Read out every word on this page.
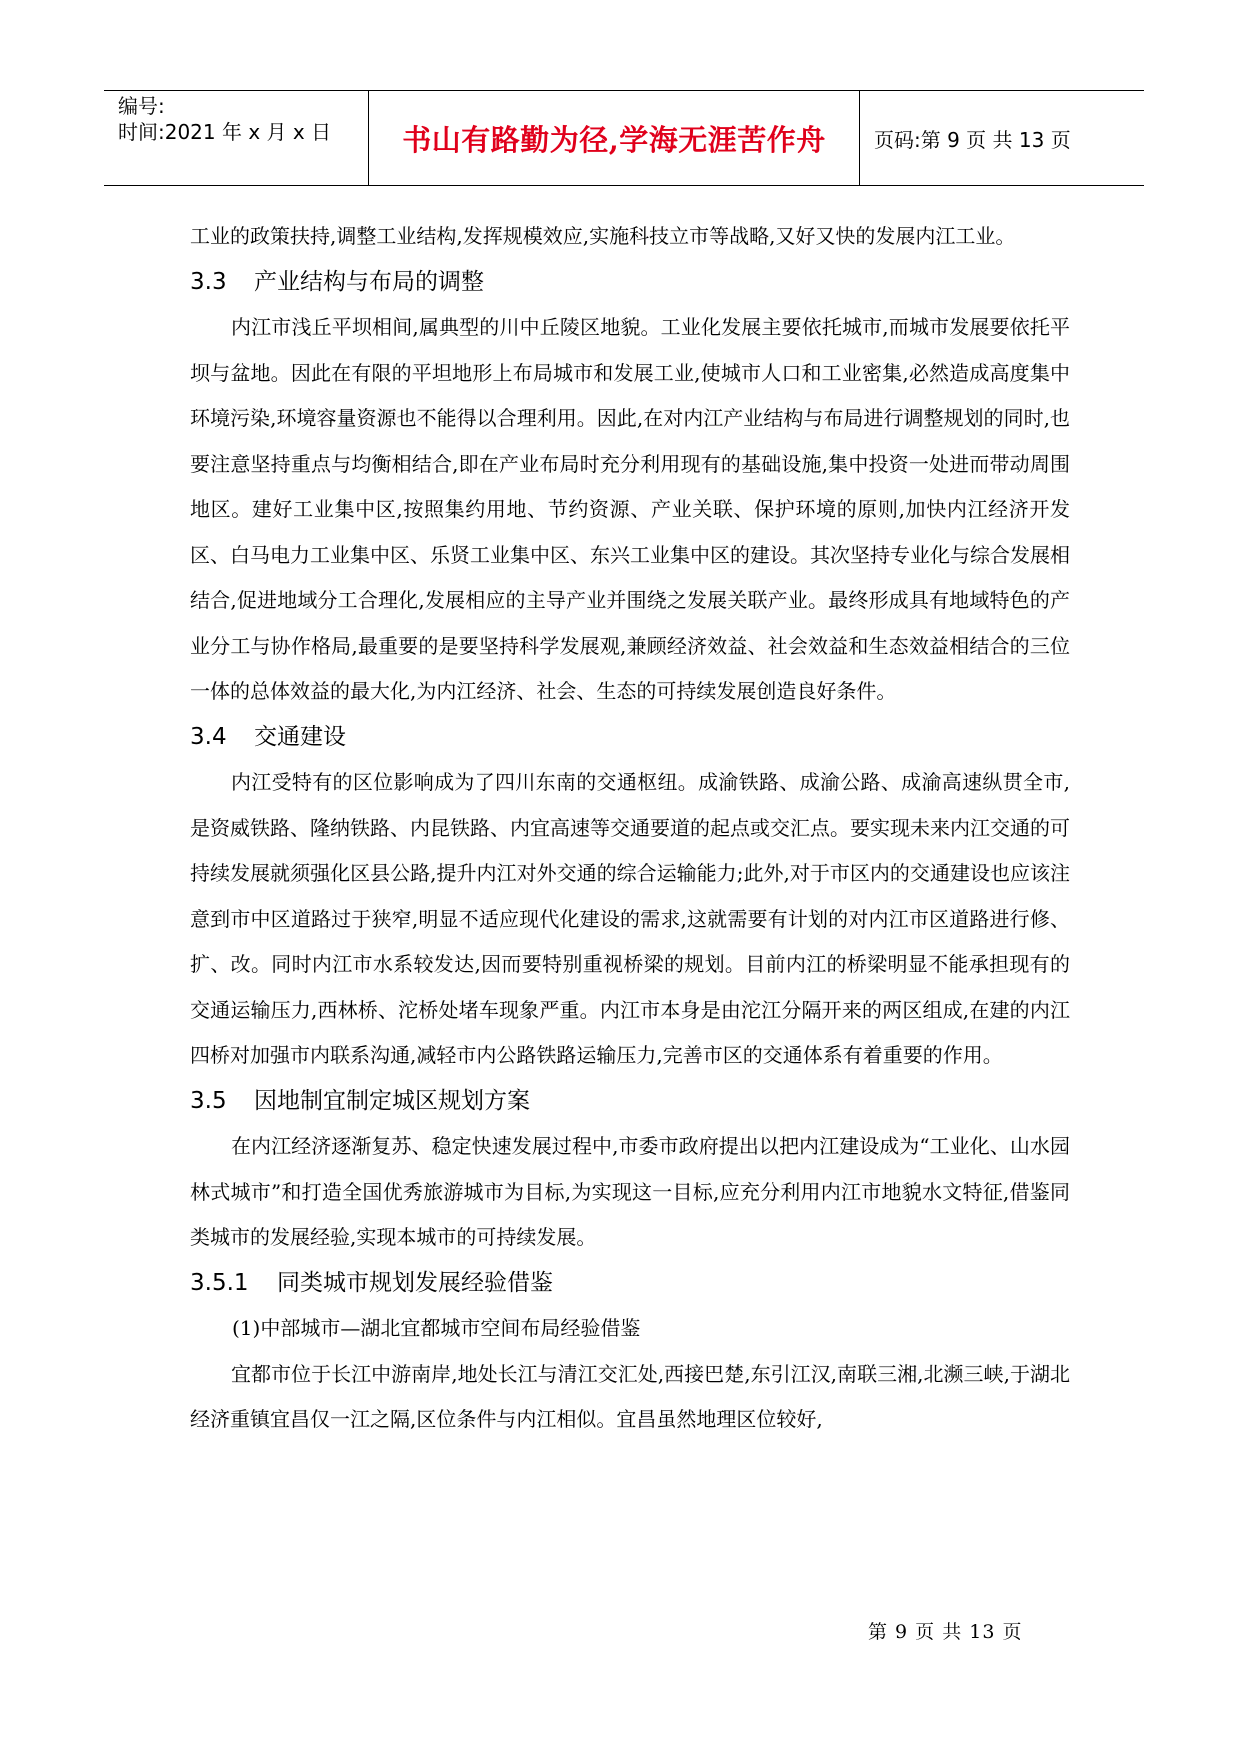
编号:
时间:2021 年 x 月 x 日	书山有路勤为径,学海无涯苦作舟	页码:第 9 页 共 13 页

工业的政策扶持,调整工业结构,发挥规模效应,实施科技立市等战略,又好又快的发展内江工业。

3.3	产业结构与布局的调整

内江市浅丘平坝相间,属典型的川中丘陵区地貌。工业化发展主要依托城市,而城市发展要依托平坝与盆地。因此在有限的平坦地形上布局城市和发展工业,使城市人口和工业密集,必然造成高度集中环境污染,环境容量资源也不能得以合理利用。因此,在对内江产业结构与布局进行调整规划的同时,也要注意坚持重点与均衡相结合,即在产业布局时充分利用现有的基础设施,集中投资一处进而带动周围地区。建好工业集中区,按照集约用地、节约资源、产业关联、保护环境的原则,加快内江经济开发区、白马电力工业集中区、乐贤工业集中区、东兴工业集中区的建设。其次坚持专业化与综合发展相结合,促进地域分工合理化,发展相应的主导产业并围绕之发展关联产业。最终形成具有地域特色的产业分工与协作格局,最重要的是要坚持科学发展观,兼顾经济效益、社会效益和生态效益相结合的三位一体的总体效益的最大化,为内江经济、社会、生态的可持续发展创造良好条件。

3.4	交通建设

内江受特有的区位影响成为了四川东南的交通枢纽。成渝铁路、成渝公路、成渝高速纵贯全市,是资威铁路、隆纳铁路、内昆铁路、内宜高速等交通要道的起点或交汇点。要实现未来内江交通的可持续发展就须强化区县公路,提升内江对外交通的综合运输能力;此外,对于市区内的交通建设也应该注意到市中区道路过于狭窄,明显不适应现代化建设的需求,这就需要有计划的对内江市区道路进行修、扩、改。同时内江市水系较发达,因而要特别重视桥梁的规划。目前内江的桥梁明显不能承担现有的交通运输压力,西林桥、沱桥处堵车现象严重。内江市本身是由沱江分隔开来的两区组成,在建的内江四桥对加强市内联系沟通,减轻市内公路铁路运输压力,完善市区的交通体系有着重要的作用。

3.5	因地制宜制定城区规划方案

在内江经济逐渐复苏、稳定快速发展过程中,市委市政府提出以把内江建设成为“工业化、山水园林式城市”和打造全国优秀旅游城市为目标,为实现这一目标,应充分利用内江市地貌水文特征,借鉴同类城市的发展经验,实现本城市的可持续发展。

3.5.1	同类城市规划发展经验借鉴

(1)中部城市—湖北宜都城市空间布局经验借鉴

宜都市位于长江中游南岸,地处长江与清江交汇处,西接巴楚,东引江汉,南联三湘,北濒三峡,于湖北经济重镇宜昌仅一江之隔,区位条件与内江相似。宜昌虽然地理区位较好,

第 9 页 共 13 页
